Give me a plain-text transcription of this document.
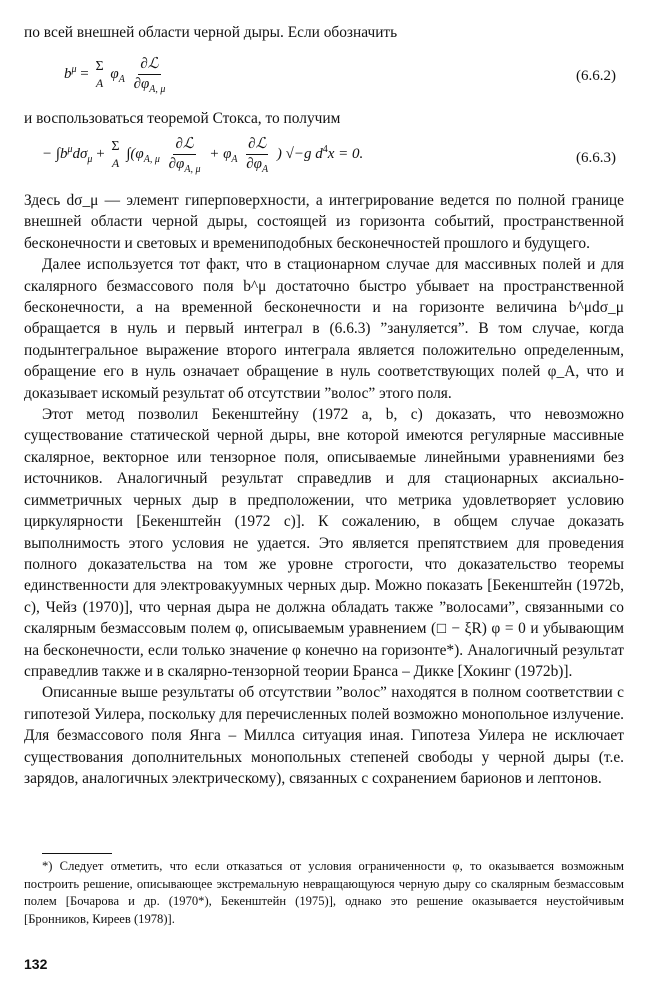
по всей внешней области черной дыры. Если обозначить
$b^\mu = \Sigma$
A
$\varphi_A \frac{\text{∂ℒ}}{\partial\varphi_{A, \mu}}$	(6.6.2)
и воспользоваться теоремой Стокса, то получим
− $\int b^\mu d\sigma_\mu + \Sigma$
A
$\int(\varphi_{A, \mu} \frac{\text{∂ℒ}}{\partial\varphi_{A, \mu}} + \varphi_A \frac{\text{∂ℒ}}{\partial\varphi_A}$ ) √−g $d^4x = 0$.	(6.6.3)

Здесь dσ_μ — элемент гиперповерхности, а интегрирование ведется по полной границе внешней области черной дыры, состоящей из горизонта событий, пространственной бесконечности и световых и времениподобных бесконечностей прошлого и будущего.

Далее используется тот факт, что в стационарном случае для массивных полей и для скалярного безмассового поля b^μ достаточно быстро убывает на пространственной бесконечности, а на временной бесконечности и на горизонте величина b^μdσ_μ обращается в нуль и первый интеграл в (6.6.3) ”зануляется”. В том случае, когда подынтегральное выражение второго интеграла является положительно определенным, обращение его в нуль означает обращение в нуль соответствующих полей φ_A, что и доказывает искомый результат об отсутствии ”волос” этого поля.

Этот метод позволил Бекенштейну (1972 a, b, c) доказать, что невозможно существование статической черной дыры, вне которой имеются регулярные массивные скалярное, векторное или тензорное поля, описываемые линейными уравнениями без источников. Аналогичный результат справедлив и для стационарных аксиально-симметричных черных дыр в предположении, что метрика удовлетворяет условию циркулярности [Бекенштейн (1972 c)]. К сожалению, в общем случае доказать выполнимость этого условия не удается. Это является препятствием для проведения полного доказательства на том же уровне строгости, что доказательство теоремы единственности для электровакуумных черных дыр. Можно показать [Бекенштейн (1972b, c), Чейз (1970)], что черная дыра не должна обладать также ”волосами”, связанными со скалярным безмассовым полем φ, описываемым уравнением (□ − ξR) φ = 0 и убывающим на бесконечности, если только значение φ конечно на горизонте*). Аналогичный результат справедлив также и в скалярно-тензорной теории Бранса – Дикке [Хокинг (1972b)].

Описанные выше результаты об отсутствии ”волос” находятся в полном соответствии с гипотезой Уилера, поскольку для перечисленных полей возможно монопольное излучение. Для безмассового поля Янга – Миллса ситуация иная. Гипотеза Уилера не исключает существования дополнительных монопольных степеней свободы у черной дыры (т.е. зарядов, аналогичных электрическому), связанных с сохранением барионов и лептонов.

*) Следует отметить, что если отказаться от условия ограниченности φ, то оказывается возможным построить решение, описывающее экстремальную невращающуюся черную дыру со скалярным безмассовым полем [Бочарова и др. (1970*), Бекенштейн (1975)], однако это решение оказывается неустойчивым [Бронников, Киреев (1978)].
132
